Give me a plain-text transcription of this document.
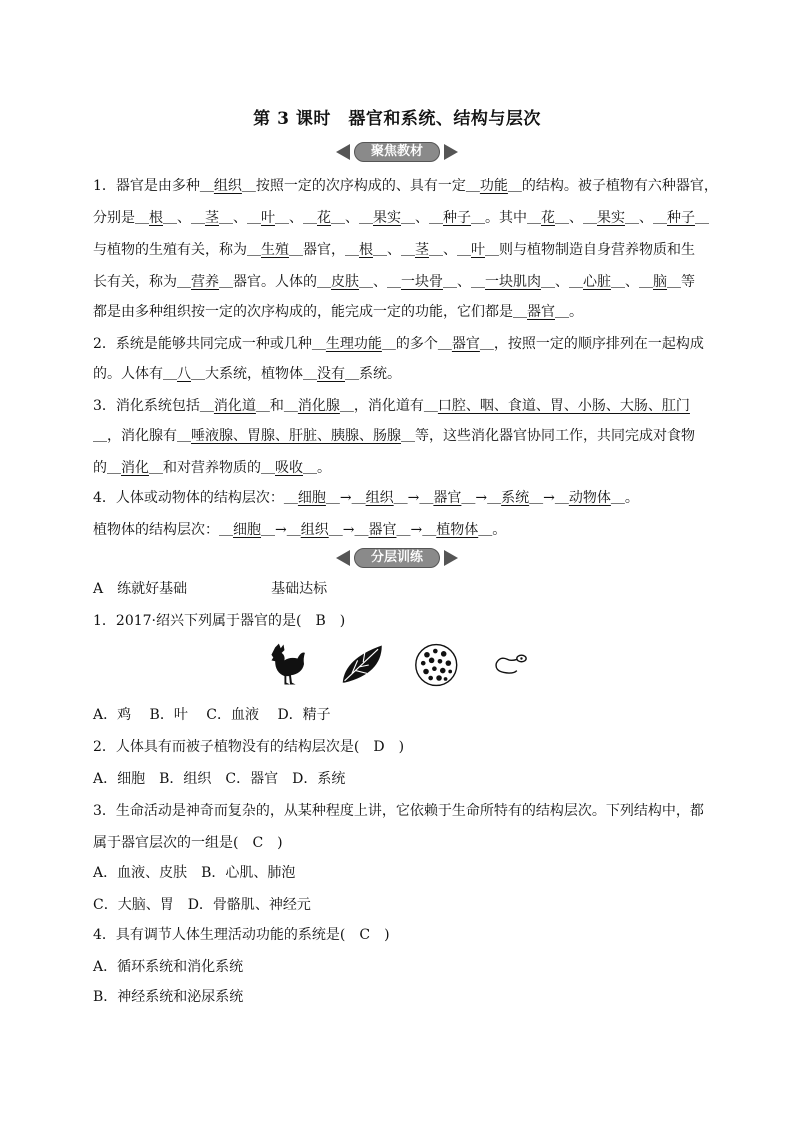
第 3 课时　器官和系统、结构与层次
聚焦教材
1．器官是由多种＿组织＿按照一定的次序构成的、具有一定＿功能＿的结构。被子植物有六种器官，
分别是＿根＿、＿茎＿、＿叶＿、＿花＿、＿果实＿、＿种子＿。其中＿花＿、＿果实＿、＿种子＿
与植物的生殖有关，称为＿生殖＿器官，＿根＿、＿茎＿、＿叶＿则与植物制造自身营养物质和生
长有关，称为＿营养＿器官。人体的＿皮肤＿、＿一块骨＿、＿一块肌肉＿、＿心脏＿、＿脑＿等
都是由多种组织按一定的次序构成的，能完成一定的功能，它们都是＿器官＿。
2．系统是能够共同完成一种或几种＿生理功能＿的多个＿器官＿，按照一定的顺序排列在一起构成
的。人体有＿八＿大系统，植物体＿没有＿系统。
3．消化系统包括＿消化道＿和＿消化腺＿，消化道有＿口腔、咽、食道、胃、小肠、大肠、肛门
＿，消化腺有＿唾液腺、胃腺、肝脏、胰腺、肠腺＿等，这些消化器官协同工作，共同完成对食物
的＿消化＿和对营养物质的＿吸收＿。
4．人体或动物体的结构层次：＿细胞＿→＿组织＿→＿器官＿→＿系统＿→＿动物体＿。
植物体的结构层次：＿细胞＿→＿组织＿→＿器官＿→＿植物体＿。
分层训练
A　练就好基础　　　　　　基础达标
1．2017·绍兴下列属于器官的是(　B　)
A．鸡　 B．叶　 C．血液　 D．精子
2．人体具有而被子植物没有的结构层次是(　D　)
A．细胞　B．组织　C．器官　D．系统
3．生命活动是神奇而复杂的，从某种程度上讲，它依赖于生命所特有的结构层次。下列结构中，都
属于器官层次的一组是(　C　)
A．血液、皮肤　B．心肌、肺泡
C．大脑、胃　D．骨骼肌、神经元
4．具有调节人体生理活动功能的系统是(　C　)
A．循环系统和消化系统
B．神经系统和泌尿系统
